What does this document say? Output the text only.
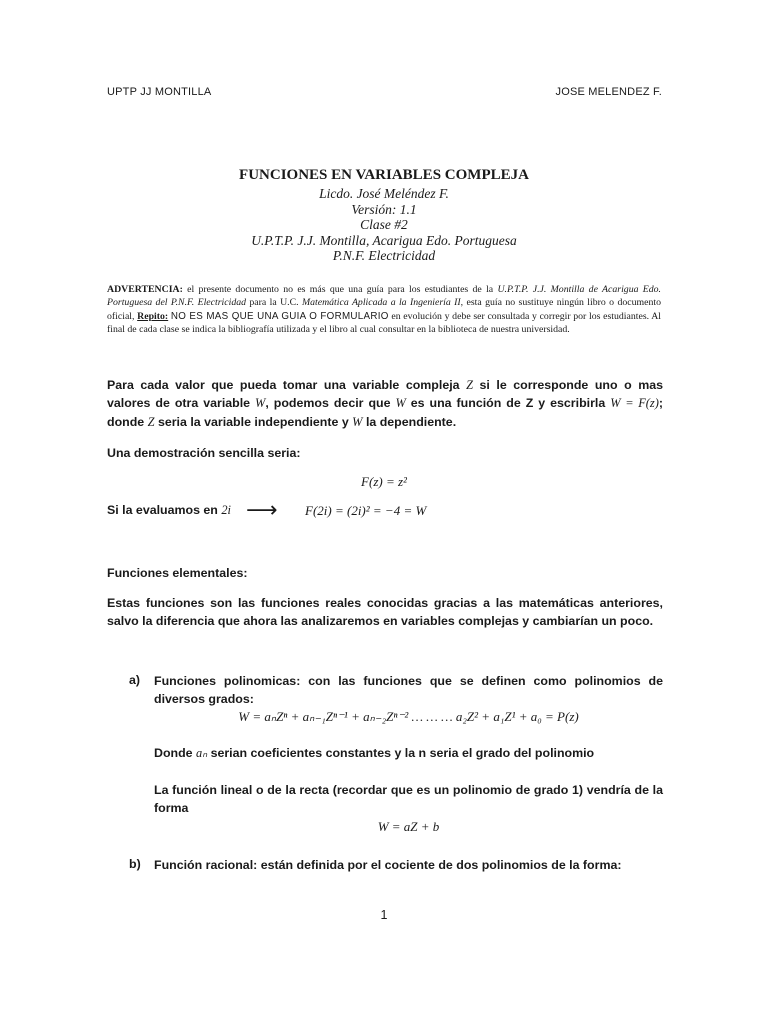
UPTP JJ MONTILLA	JOSE MELENDEZ F.
FUNCIONES EN VARIABLES COMPLEJA
Licdo. José Meléndez F.
Versión: 1.1
Clase #2
U.P.T.P. J.J. Montilla, Acarigua Edo. Portuguesa
P.N.F. Electricidad
ADVERTENCIA: el presente documento no es más que una guía para los estudiantes de la U.P.T.P. J.J. Montilla de Acarigua Edo. Portuguesa del P.N.F. Electricidad para la U.C. Matemática Aplicada a la Ingeniería II, esta guía no sustituye ningún libro o documento oficial, Repito: NO ES MAS QUE UNA GUIA O FORMULARIO en evolución y debe ser consultada y corregir por los estudiantes. Al final de cada clase se indica la bibliografía utilizada y el libro al cual consultar en la biblioteca de nuestra universidad.
Para cada valor que pueda tomar una variable compleja Z si le corresponde uno o mas valores de otra variable W, podemos decir que W es una función de Z y escribirla W = F(z); donde Z seria la variable independiente y W la dependiente.
Una demostración sencilla seria:
F(z) = z²
Si la evaluamos en 2i ⟶ F(2i) = (2i)² = −4 = W
Funciones elementales:
Estas funciones son las funciones reales conocidas gracias a las matemáticas anteriores, salvo la diferencia que ahora las analizaremos en variables complejas y cambiarían un poco.
a) Funciones polinomicas: con las funciones que se definen como polinomios de diversos grados:
W = aₙZⁿ + aₙ₋₁Zⁿ⁻¹ + aₙ₋₂Zⁿ⁻² … … … a₂Z² + a₁Z¹ + a₀ = P(z)
Donde aₙ serian coeficientes constantes y la n seria el grado del polinomio
La función lineal o de la recta (recordar que es un polinomio de grado 1) vendría de la forma
W = aZ + b
b) Función racional: están definida por el cociente de dos polinomios de la forma:
1
